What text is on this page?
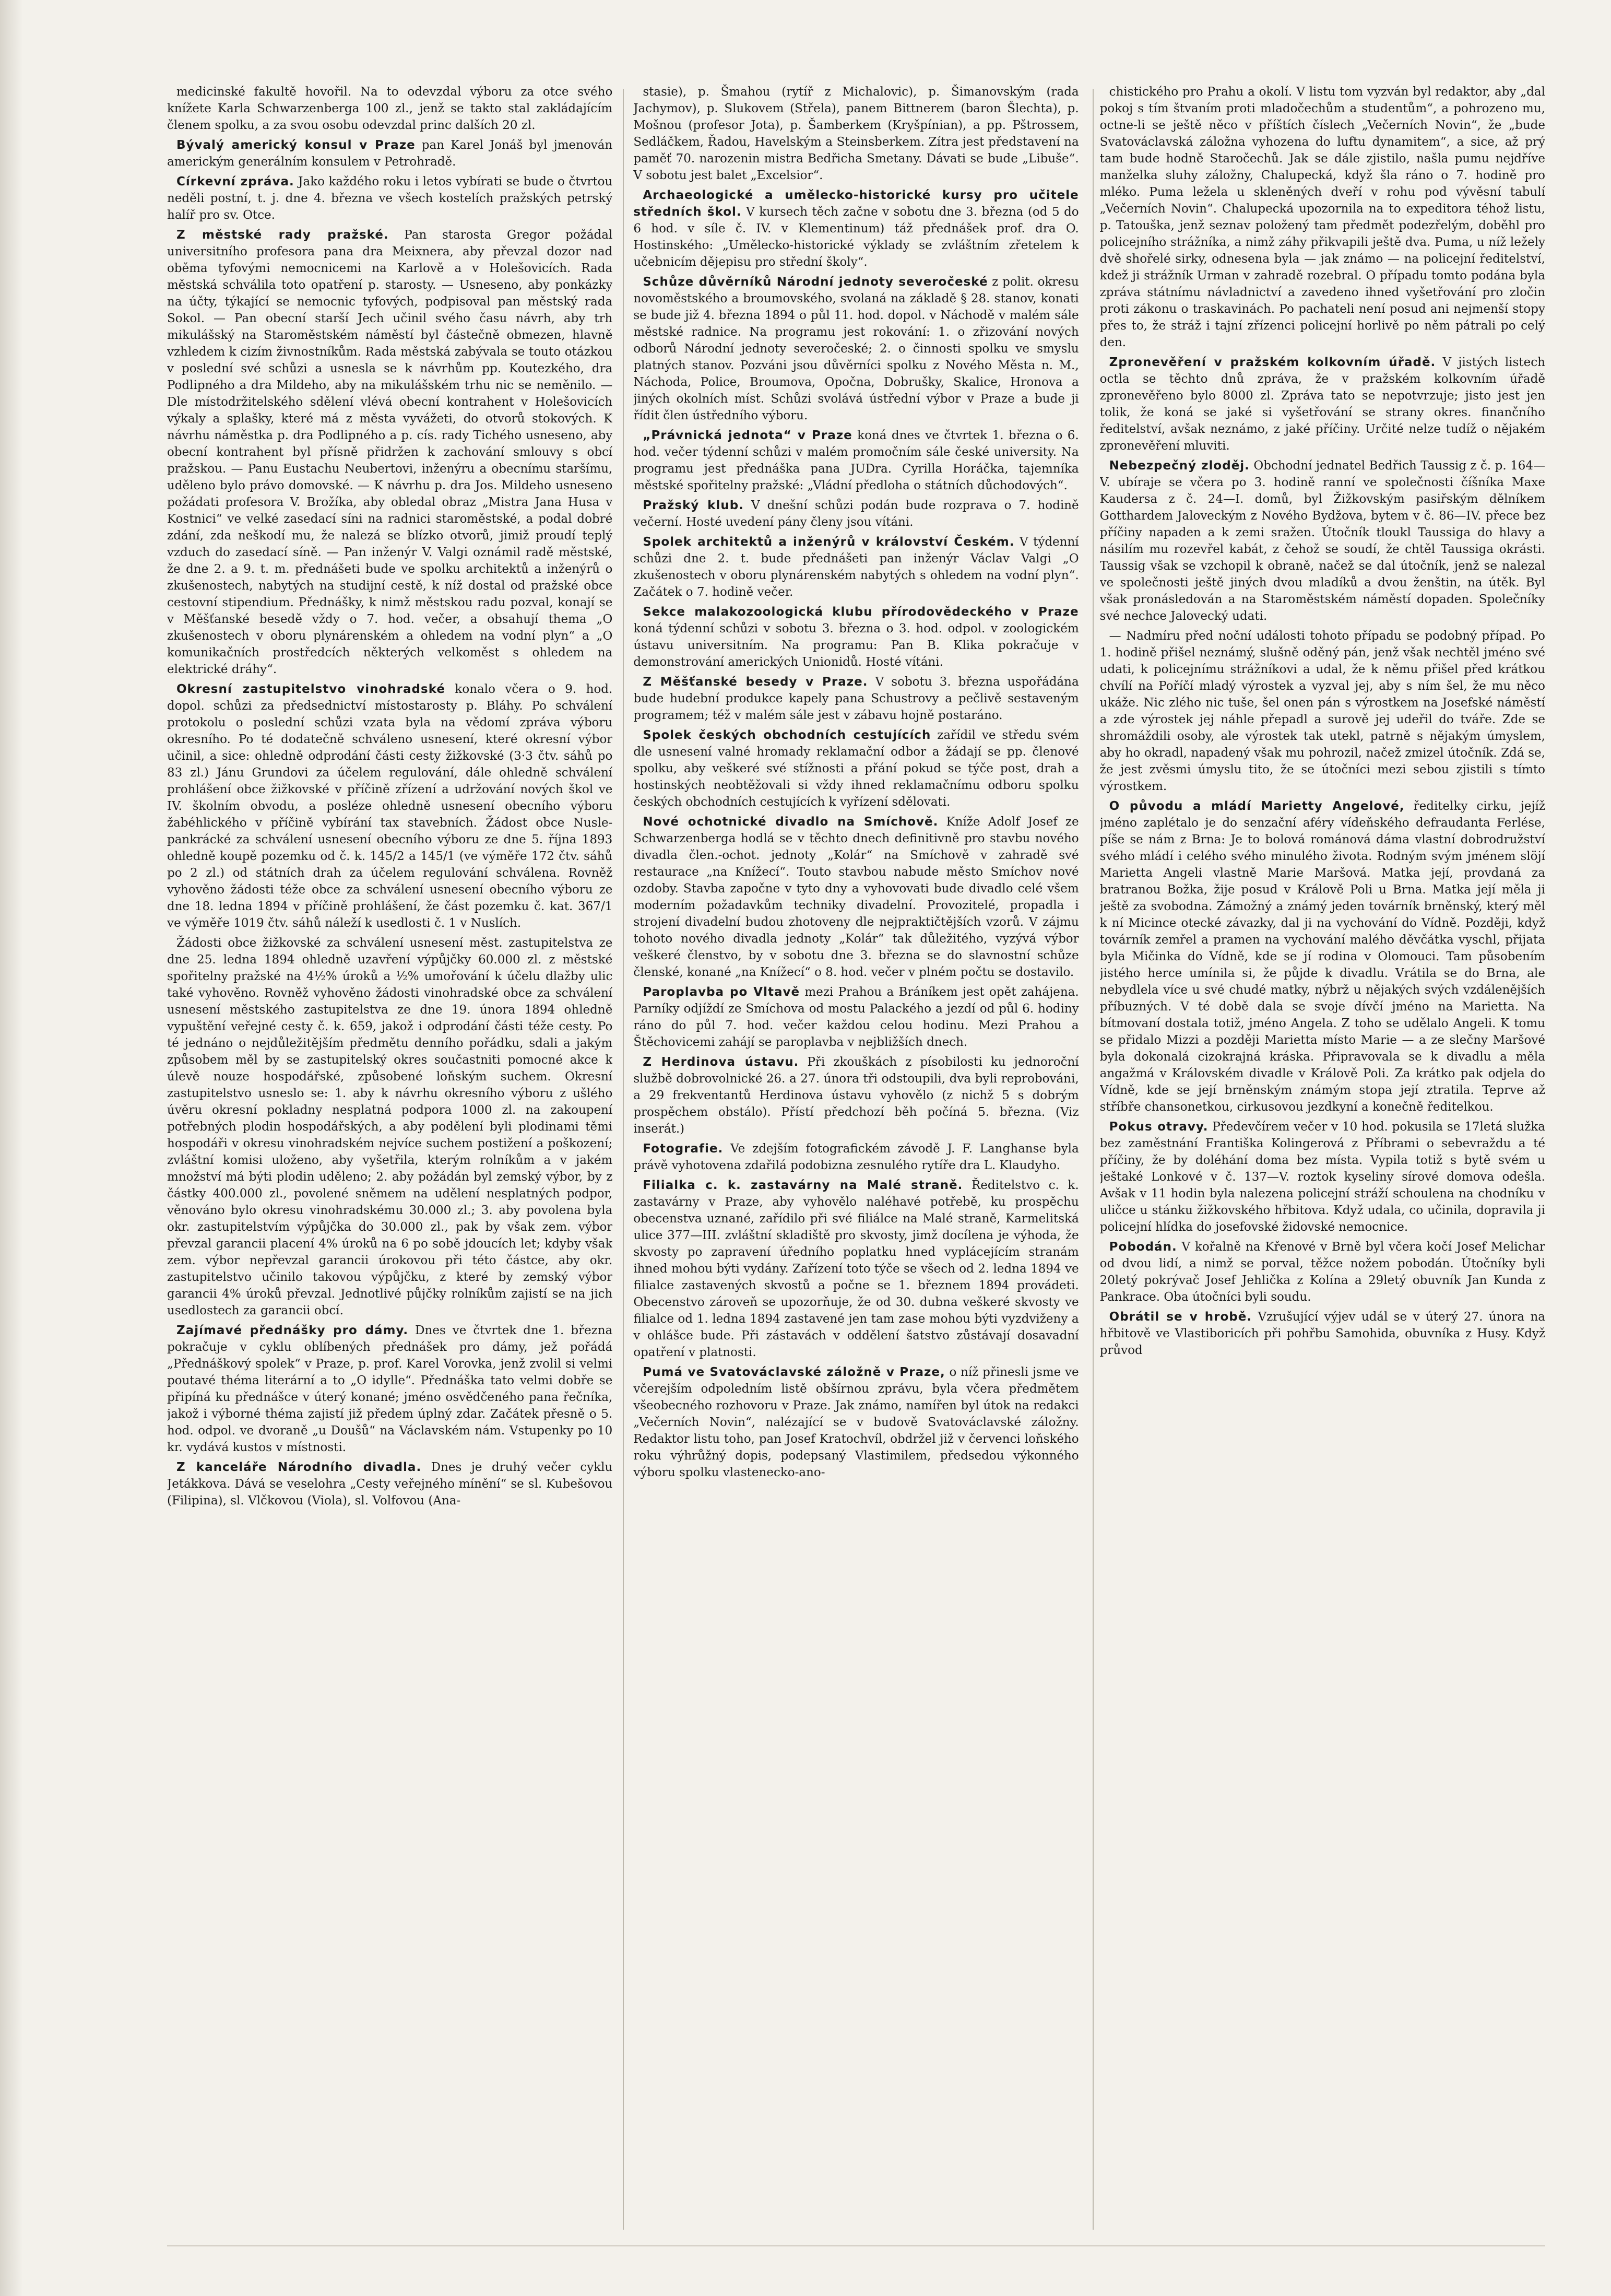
medicinské fakultě hovořil. Na to odevzdal výboru za otce svého knížete Karla Schwarzenberga 100 zl., jenž se takto stal zakládajícím členem spolku, a za svou osobu odevzdal princ dalších 20 zl.

Bývalý americký konsul v Praze pan Karel Jonáš byl jmenován americkým generálním konsulem v Petrohradě.

Církevní zpráva. Jako každého roku i letos vybírati se bude o čtvrtou neděli postní, t. j. dne 4. března ve všech kostelích pražských petrský halíř pro sv. Otce.

Z městské rady pražské. Pan starosta Gregor požádal universitního profesora pana dra Meixnera, aby převzal dozor nad oběma tyfovými nemocnicemi na Karlově a v Holešovicích. Rada městská schválila toto opatření p. starosty. — Usneseno, aby ponkázky na účty, týkající se nemocnic tyfových, podpisoval pan městský rada Sokol. — Pan obecní starší Jech učinil svého času návrh, aby trh mikulášský na Staroměstském náměstí byl částečně obmezen, hlavně vzhledem k cizím živnostníkům. Rada městská zabývala se touto otázkou v poslední své schůzi a usnesla se k návrhům pp. Koutezkého, dra Podlipného a dra Mildeho, aby na mikulášském trhu nic se neměnilo. — Dle místodržitelského sdělení vlévá obecní kontrahent v Holešovicích výkaly a splašky, které má z města vyvážeti, do otvorů stokových. K návrhu náměstka p. dra Podlipného a p. cís. rady Tichého usneseno, aby obecní kontrahent byl přísně přidržen k zachování smlouvy s obcí pražskou. — Panu Eustachu Neubertovi, inženýru a obecnímu staršímu, uděleno bylo právo domovské. — K návrhu p. dra Jos. Mildeho usneseno požádati profesora V. Brožíka, aby obledal obraz „Mistra Jana Husa v Kostnici“ ve velké zasedací síni na radnici staroměstské, a podal dobré zdání, zda neškodí mu, že nalezá se blízko otvorů, jimiž proudí teplý vzduch do zasedací síně. — Pan inženýr V. Valgi oznámil radě městské, že dne 2. a 9. t. m. přednášeti bude ve spolku architektů a inženýrů o zkušenostech, nabytých na studijní cestě, k níž dostal od pražské obce cestovní stipendium. Přednášky, k nimž městskou radu pozval, konají se v Měšťanské besedě vždy o 7. hod. večer, a obsahují thema „O zkušenostech v oboru plynárenském a ohledem na vodní plyn“ a „O komunikačních prostředcích některých velkoměst s ohledem na elektrické dráhy“.

Okresní zastupitelstvo vinohradské konalo včera o 9. hod. dopol. schůzi za předsednictví místostarosty p. Bláhy. Po schválení protokolu o poslední schůzi vzata byla na vědomí zpráva výboru okresního. Po té dodatečně schváleno usnesení, které okresní výbor učinil, a sice: ohledně odprodání části cesty žižkovské (3·3 čtv. sáhů po 83 zl.) Jánu Grundovi za účelem regulování, dále ohledně schválení prohlášení obce žižkovské v příčině zřízení a udržování nových škol ve IV. školním obvodu, a posléze ohledně usnesení obecního výboru žabéhlického v příčině vybírání tax stavebních. Žádost obce Nusle-pankrácké za schválení usnesení obecního výboru ze dne 5. října 1893 ohledně koupě pozemku od č. k. 145/2 a 145/1 (ve výměře 172 čtv. sáhů po 2 zl.) od státních drah za účelem regulování schválena. Rovněž vyhověno žádosti téže obce za schválení usnesení obecního výboru ze dne 18. ledna 1894 v příčině prohlášení, že část pozemku č. kat. 367/1 ve výměře 1019 čtv. sáhů náleží k usedlosti č. 1 v Nuslích.

Žádosti obce žižkovské za schválení usnesení měst. zastupitelstva ze dne 25. ledna 1894 ohledně uzavření výpůjčky 60.000 zl. z městské spořitelny pražské na 4½% úroků a ½% umořování k účelu dlažby ulic také vyhověno. Rovněž vyhověno žádosti vinohradské obce za schválení usnesení městského zastupitelstva ze dne 19. února 1894 ohledně vypuštění veřejné cesty č. k. 659, jakož i odprodání části téže cesty. Po té jednáno o nejdůležitějším předmětu denního pořádku, sdali a jakým způsobem měl by se zastupitelský okres součastniti pomocné akce k úlevě nouze hospodářské, způsobené loňským suchem. Okresní zastupitelstvo usneslo se: 1. aby k návrhu okresního výboru z ušlého úvěru okresní pokladny nesplatná podpora 1000 zl. na zakoupení potřebných plodin hospodářských, a aby podělení byli plodinami těmi hospodáři v okresu vinohradském nejvíce suchem postižení a poškození; zvláštní komisi uloženo, aby vyšetřila, kterým rolníkům a v jakém množství má býti plodin uděleno; 2. aby požádán byl zemský výbor, by z částky 400.000 zl., povolené sněmem na udělení nesplatných podpor, věnováno bylo okresu vinohradskému 30.000 zl.; 3. aby povolena byla okr. zastupitelstvím výpůjčka do 30.000 zl., pak by však zem. výbor převzal garancii placení 4% úroků na 6 po sobě jdoucích let; kdyby však zem. výbor nepřevzal garancii úrokovou při této částce, aby okr. zastupitelstvo učinilo takovou výpůjčku, z které by zemský výbor garancii 4% úroků převzal. Jednotlivé půjčky rolníkům zajistí se na jich usedlostech za garancii obcí.

Zajímavé přednášky pro dámy. Dnes ve čtvrtek dne 1. března pokračuje v cyklu oblíbených přednášek pro dámy, jež pořádá „Přednáškový spolek“ v Praze, p. prof. Karel Vorovka, jenž zvolil si velmi poutavé théma literární a to „O idylle“. Přednáška tato velmi dobře se připíná ku přednášce v úterý konané; jméno osvědčeného pana řečníka, jakož i výborné théma zajistí již předem úplný zdar. Začátek přesně o 5. hod. odpol. ve dvoraně „u Doušů“ na Václavském nám. Vstupenky po 10 kr. vydává kustos v místnosti.

Z kanceláře Národního divadla. Dnes je druhý večer cyklu Jetákkova. Dává se veselohra „Cesty veřejného mínění“ se sl. Kubešovou (Filipina), sl. Vlčkovou (Viola), sl. Volfovou (Ana-

stasie), p. Šmahou (rytíř z Michalovic), p. Šimanovským (rada Jachymov), p. Slukovem (Střela), panem Bittnerem (baron Šlechta), p. Mošnou (profesor Jota), p. Šamberkem (Kryšpínian), a pp. Pštrossem, Sedláčkem, Řadou, Havelským a Steinsberkem. Zítra jest představení na paměť 70. narozenin mistra Bedřicha Smetany. Dávati se bude „Libuše“. V sobotu jest balet „Excelsior“.

Archaeologické a umělecko-historické kursy pro učitele středních škol. V kursech těch začne v sobotu dne 3. března (od 5 do 6 hod. v síle č. IV. v Klementinum) táž přednášek prof. dra O. Hostinského: „Umělecko-historické výklady se zvláštním zřetelem k učebnicím dějepisu pro střední školy“.

Schůze důvěrníků Národní jednoty severočeské z polit. okresu novoměstského a broumovského, svolaná na základě § 28. stanov, konati se bude již 4. března 1894 o půl 11. hod. dopol. v Náchodě v malém sále městské radnice. Na programu jest rokování: 1. o zřizování nových odborů Národní jednoty severočeské; 2. o činnosti spolku ve smyslu platných stanov. Pozváni jsou důvěrníci spolku z Nového Města n. M., Náchoda, Police, Broumova, Opočna, Dobrušky, Skalice, Hronova a jiných okolních míst. Schůzi svolává ústřední výbor v Praze a bude ji řídit člen ústředního výboru.

„Právnická jednota“ v Praze koná dnes ve čtvrtek 1. března o 6. hod. večer týdenní schůzi v malém promočním sále české university. Na programu jest přednáška pana JUDra. Cyrilla Horáčka, tajemníka městské spořitelny pražské: „Vládní předloha o státních důchodových“.

Pražský klub. V dnešní schůzi podán bude rozprava o 7. hodině večerní. Hosté uvedení pány členy jsou vítáni.

Spolek architektů a inženýrů v království Českém. V týdenní schůzi dne 2. t. bude přednášeti pan inženýr Václav Valgi „O zkušenostech v oboru plynárenském nabytých s ohledem na vodní plyn“. Začátek o 7. hodině večer.

Sekce malakozoologická klubu přírodovědeckého v Praze koná týdenní schůzi v sobotu 3. března o 3. hod. odpol. v zoologickém ústavu universitním. Na programu: Pan B. Klika pokračuje v demonstrování amerických Unionidů. Hosté vítáni.

Z Měšťanské besedy v Praze. V sobotu 3. března uspořádána bude hudební produkce kapely pana Schustrovy a pečlivě sestaveným programem; též v malém sále jest v zábavu hojně postaráno.

Spolek českých obchodních cestujících zařídil ve středu svém dle usnesení valné hromady reklamační odbor a žádají se pp. členové spolku, aby veškeré své stížnosti a přání pokud se týče post, drah a hostinských neobtěžovali si vždy ihned reklamačnímu odboru spolku českých obchodních cestujících k vyřízení sdělovati.

Nové ochotnické divadlo na Smíchově. Kníže Adolf Josef ze Schwarzenberga hodlá se v těchto dnech definitivně pro stavbu nového divadla člen.-ochot. jednoty „Kolár“ na Smíchově v zahradě své restaurace „na Knížecí“. Touto stavbou nabude město Smíchov nové ozdoby. Stavba započne v tyto dny a vyhovovati bude divadlo celé všem moderním požadavkům techniky divadelní. Provozitelé, propadla i strojení divadelní budou zhotoveny dle nejpraktičtějších vzorů. V zájmu tohoto nového divadla jednoty „Kolár“ tak důležitého, vyzývá výbor veškeré členstvo, by v sobotu dne 3. března se do slavnostní schůze členské, konané „na Knížecí“ o 8. hod. večer v plném počtu se dostavilo.

Paroplavba po Vltavě mezi Prahou a Bráníkem jest opět zahájena. Parníky odjíždí ze Smíchova od mostu Palackého a jezdí od půl 6. hodiny ráno do půl 7. hod. večer každou celou hodinu. Mezi Prahou a Štěchovicemi zahájí se paroplavba v nejbližších dnech.

Z Herdinova ústavu. Při zkouškách z písobilosti ku jednoroční službě dobrovolnické 26. a 27. února tři odstoupili, dva byli reprobováni, a 29 frekventantů Herdinova ústavu vyhovělo (z nichž 5 s dobrým prospěchem obstálo). Přístí předchozí běh počíná 5. března. (Viz inserát.)

Fotografie. Ve zdejším fotografickém závodě J. F. Langhanse byla právě vyhotovena zdařilá podobizna zesnulého rytíře dra L. Klaudyho.

Filialka c. k. zastavárny na Malé straně. Ředitelstvo c. k. zastavárny v Praze, aby vyhovělo naléhavé potřebě, ku prospěchu obecenstva uznané, zařídilo při své filiálce na Malé straně, Karmelitská ulice 377—III. zvláštní skladiště pro skvosty, jimž docílena je výhoda, že skvosty po zapravení úředního poplatku hned vyplácejícím stranám ihned mohou býti vydány. Zařízení toto týče se všech od 2. ledna 1894 ve filialce zastavených skvostů a počne se 1. březnem 1894 provádeti. Obecenstvo zároveň se upozorňuje, že od 30. dubna veškeré skvosty ve filialce od 1. ledna 1894 zastavené jen tam zase mohou býti vyzdviženy a v ohlášce bude. Při zástavách v oddělení šatstvo zůstávají dosavadní opatření v platnosti.

Pumá ve Svatováclavské záložně v Praze, o níž přinesli jsme ve včerejším odpoledním listě obšírnou zprávu, byla včera předmětem všeobecného rozhovoru v Praze. Jak známo, namířen byl útok na redakci „Večerních Novin“, nalézající se v budově Svatováclavské záložny. Redaktor listu toho, pan Josef Kratochvíl, obdržel již v červenci loňského roku výhrůžný dopis, podepsaný Vlastimilem, předsedou výkonného výboru spolku vlastenecko-ano-

chistického pro Prahu a okolí. V listu tom vyzván byl redaktor, aby „dal pokoj s tím štvaním proti mladočechům a studentům“, a pohrozeno mu, octne-li se ještě něco v příštích číslech „Večerních Novin“, že „bude Svatováclavská záložna vyhozena do luftu dynamitem“, a sice, až prý tam bude hodně Staročechů. Jak se dále zjistilo, našla pumu nejdříve manželka sluhy záložny, Chalupecká, když šla ráno o 7. hodině pro mléko. Puma ležela u skleněných dveří v rohu pod vývěsní tabulí „Večerních Novin“. Chalupecká upozornila na to expeditora téhož listu, p. Tatouška, jenž seznav položený tam předmět podezřelým, doběhl pro policejního strážníka, a nimž záhy přikvapili ještě dva. Puma, u níž ležely dvě shořelé sirky, odnesena byla — jak známo — na policejní ředitelství, kdež ji strážník Urman v zahradě rozebral. O případu tomto podána byla zpráva státnímu návladnictví a zavedeno ihned vyšetřování pro zločin proti zákonu o traskavinách. Po pachateli není posud ani nejmenší stopy přes to, že stráž i tajní zřízenci policejní horlivě po něm pátrali po celý den.

Zpronevěření v pražském kolkovním úřadě. V jistých listech octla se těchto dnů zpráva, že v pražském kolkovním úřadě zpronevěřeno bylo 8000 zl. Zpráva tato se nepotvrzuje; jisto jest jen tolik, že koná se jaké si vyšetřování se strany okres. finančního ředitelství, avšak neznámo, z jaké příčiny. Určité nelze tudíž o nějakém zpronevěření mluviti.

Nebezpečný zloděj. Obchodní jednatel Bedřich Taussig z č. p. 164—V. ubíraje se včera po 3. hodině ranní ve společnosti číšníka Maxe Kaudersa z č. 24—I. domů, byl Žižkovským pasiřským dělníkem Gotthardem Jaloveckým z Nového Bydžova, bytem v č. 86—IV. přece bez příčiny napaden a k zemi sražen. Útočník tloukl Taussiga do hlavy a násilím mu rozevřel kabát, z čehož se soudí, že chtěl Taussiga okrásti. Taussig však se vzchopil k obraně, načež se dal útočník, jenž se nalezal ve společnosti ještě jiných dvou mladíků a dvou ženštin, na útěk. Byl však pronásledován a na Staroměstském náměstí dopaden. Společníky své nechce Jalovecký udati.

— Nadmíru před noční události tohoto případu se podobný případ. Po 1. hodině přišel neznámý, slušně oděný pán, jenž však nechtěl jméno své udati, k policejnímu strážníkovi a udal, že k němu přišel před krátkou chvílí na Poříčí mladý výrostek a vyzval jej, aby s ním šel, že mu něco ukáže. Nic zlého nic tuše, šel onen pán s výrostkem na Josefské náměstí a zde výrostek jej náhle přepadl a surově jej udeřil do tváře. Zde se shromáždili osoby, ale výrostek tak utekl, patrně s nějakým úmyslem, aby ho okradl, napadený však mu pohrozil, načež zmizel útočník. Zdá se, že jest zvěsmi úmyslu tito, že se útočníci mezi sebou zjistili s tímto výrostkem.

O původu a mládí Marietty Angelové, ředitelky cirku, jejíž jméno zaplétalo je do senzační aféry vídeňského defraudanta Ferlése, píše se nám z Brna: Je to bolová románová dáma vlastní dobrodružství svého mládí i celého svého minulého života. Rodným svým jménem slöjí Marietta Angeli vlastně Marie Maršová. Matka její, provdaná za bratranou Božka, žije posud v Králově Poli u Brna. Matka její měla ji ještě za svobodna. Zámožný a známý jeden továrník brněnský, který měl k ní Micince otecké závazky, dal ji na vychování do Vídně. Později, když továrník zemřel a pramen na vychování malého děvčátka vyschl, přijata byla Mičinka do Vídně, kde se jí rodina v Olomouci. Tam působením jistého herce umínila si, že půjde k divadlu. Vrátila se do Brna, ale nebydlela více u své chudé matky, nýbrž u nějakých svých vzdálenějších příbuzných. V té době dala se svoje dívčí jméno na Marietta. Na bítmovaní dostala totiž, jméno Angela. Z toho se udělalo Angeli. K tomu se přidalo Mizzi a později Marietta místo Marie — a ze slečny Maršové byla dokonalá cizokrajná kráska. Připravovala se k divadlu a měla angažmá v Královském divadle v Králově Poli. Za krátko pak odjela do Vídně, kde se její brněnským známým stopa její ztratila. Teprve až stříbře chansonetkou, cirkusovou jezdkyní a konečně ředitelkou.

Pokus otravy. Předevčírem večer v 10 hod. pokusila se 17letá služka bez zaměstnání Františka Kolingerová z Příbrami o sebevraždu a té příčiny, že by doléhání doma bez místa. Vypila totiž s bytě svém u ještaké Lonkové v č. 137—V. roztok kyseliny sírové domova odešla. Avšak v 11 hodin byla nalezena policejní stráží schoulena na chodníku v uličce u stánku žižkovského hřbitova. Když udala, co učinila, dopravila ji policejní hlídka do josefovské židovské nemocnice.

Pobodán. V kořalně na Křenové v Brně byl včera kočí Josef Melichar od dvou lidí, a nimž se porval, těžce nožem pobodán. Útočníky byli 20letý pokrývač Josef Jehlička z Kolína a 29letý obuvník Jan Kunda z Pankrace. Oba útočníci byli soudu.

Obrátil se v hrobě. Vzrušující výjev udál se v úterý 27. února na hřbitově ve Vlastiboricích při pohřbu Samohida, obuvníka z Husy. Když průvod
